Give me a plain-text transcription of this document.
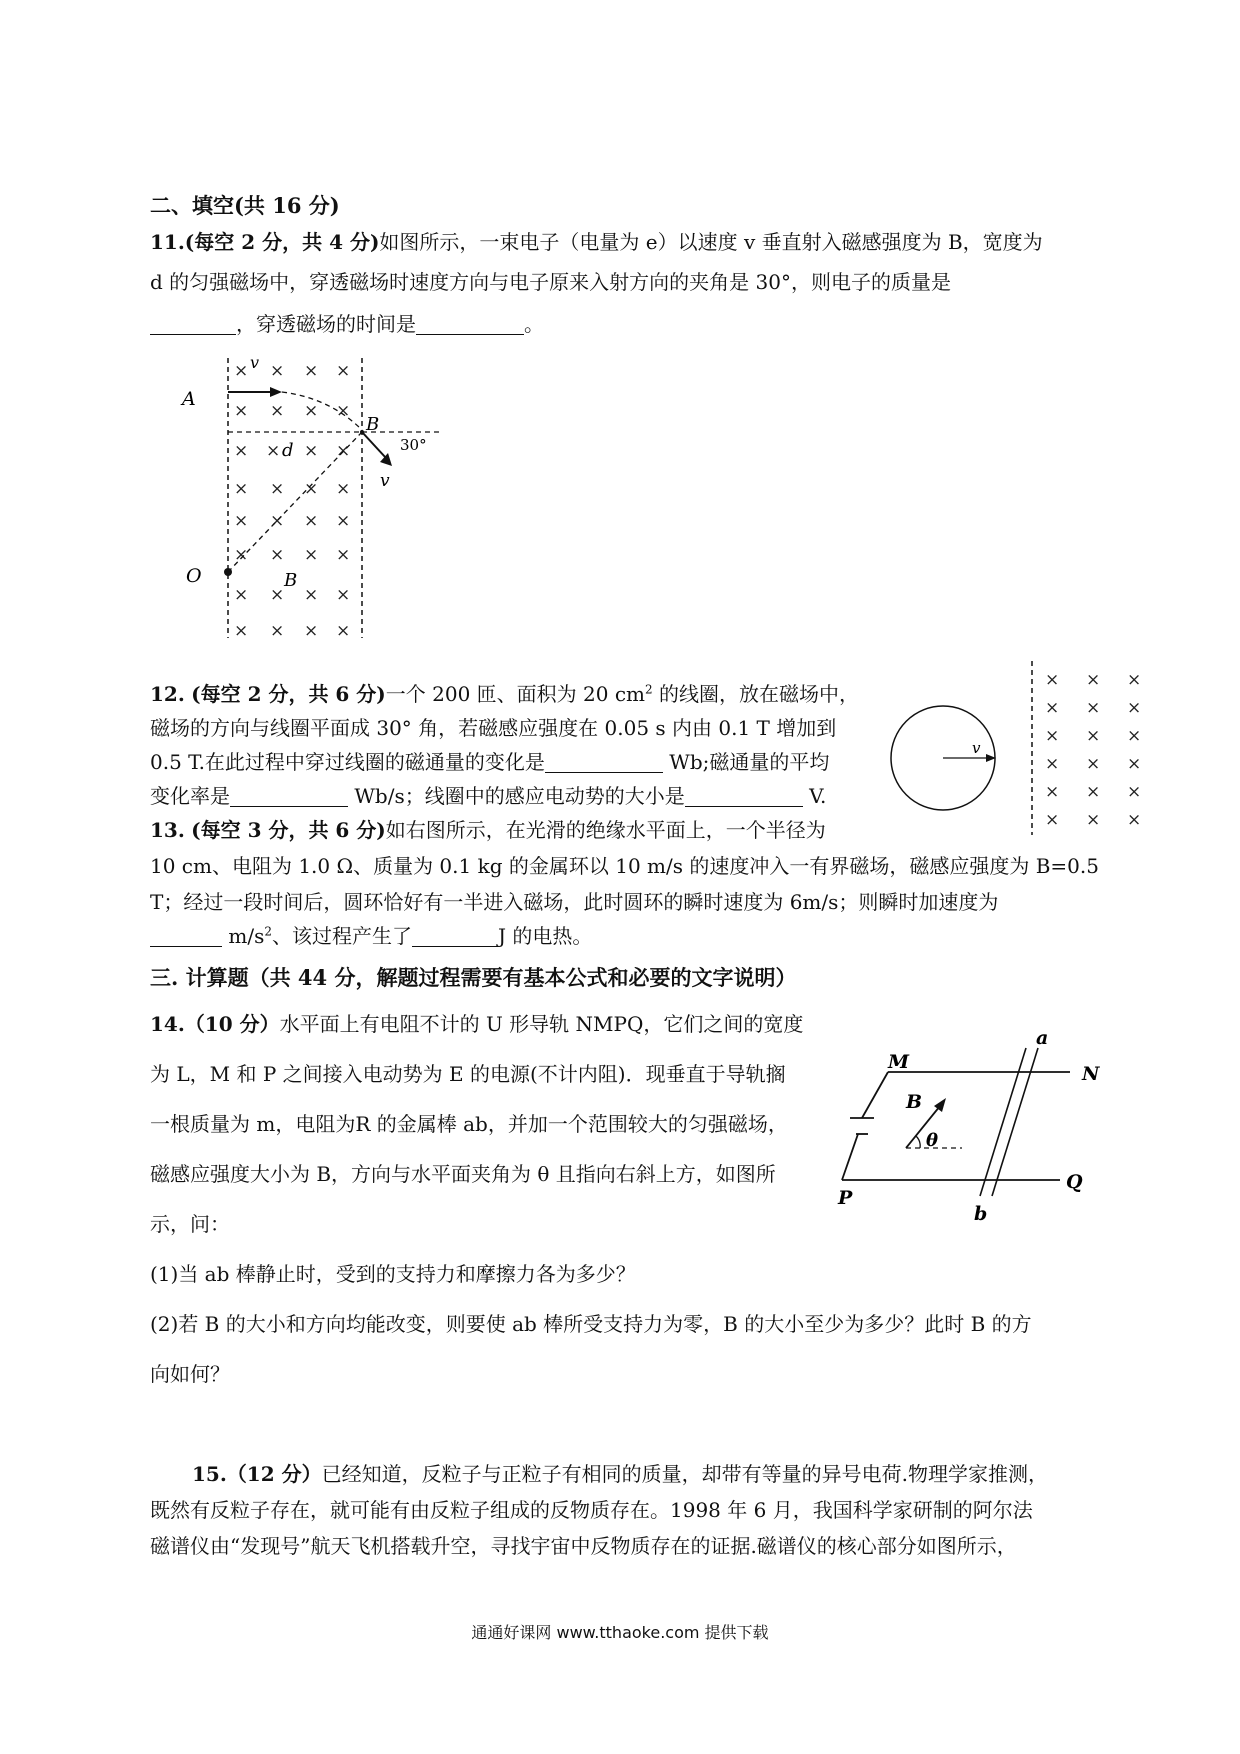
二、填空(共 16 分)
11.(每空 2 分，共 4 分)如图所示，一束电子（电量为 e）以速度 v 垂直射入磁感强度为 B，宽度为
d 的匀强磁场中，穿透磁场时速度方向与电子原来入射方向的夹角是 30°，则电子的质量是
，穿透磁场的时间是	。
× × × ×
× × × ×
× × × ×
× × × ×
× × × ×
× × × ×
× × × ×
× × × ×
A
v
B
30°
d
v
O	B
12. (每空 2 分，共 6 分)一个 200 匝、面积为 20 $cm^2$ 的线圈，放在磁场中，
磁场的方向与线圈平面成 30° 角，若磁感应强度在 0.05 s 内由 0.1 T 增加到
0.5 T.在此过程中穿过线圈的磁通量的变化是	Wb;磁通量的平均
变化率是	Wb/s；线圈中的感应电动势的大小是	V.
v
× × ×
× × ×
× × ×
× × ×
× × ×
× × ×
13. (每空 3 分，共 6 分)如右图所示，在光滑的绝缘水平面上，一个半径为
10 cm、电阻为 1.0 Ω、质量为 0.1 kg 的金属环以 10 m/s 的速度冲入一有界磁场，磁感应强度为 B=0.5
T；经过一段时间后，圆环恰好有一半进入磁场，此时圆环的瞬时速度为 6m/s；则瞬时加速度为
$m/s^2$、该过程产生了	J 的电热。
三. 计算题（共 44 分，解题过程需要有基本公式和必要的文字说明）
14.（10 分）水平面上有电阻不计的 U 形导轨 NMPQ，它们之间的宽度
为 L，M 和 P 之间接入电动势为 E 的电源(不计内阻)．现垂直于导轨搁
一根质量为 m，电阻为R 的金属棒 ab，并加一个范围较大的匀强磁场，
磁感应强度大小为 B，方向与水平面夹角为 θ 且指向右斜上方，如图所
示，问：
(1)当 ab 棒静止时，受到的支持力和摩擦力各为多少？
(2)若 B 的大小和方向均能改变，则要使 ab 棒所受支持力为零，B 的大小至少为多少？此时 B 的方
向如何？
M
N
P
Q
a
b
B
θ
15.（12 分）已经知道，反粒子与正粒子有相同的质量，却带有等量的异号电荷.物理学家推测，
既然有反粒子存在，就可能有由反粒子组成的反物质存在。1998 年 6 月，我国科学家研制的阿尔法
磁谱仪由“发现号”航天飞机搭载升空，寻找宇宙中反物质存在的证据.磁谱仪的核心部分如图所示，
通通好课网 www.tthaoke.com 提供下载
